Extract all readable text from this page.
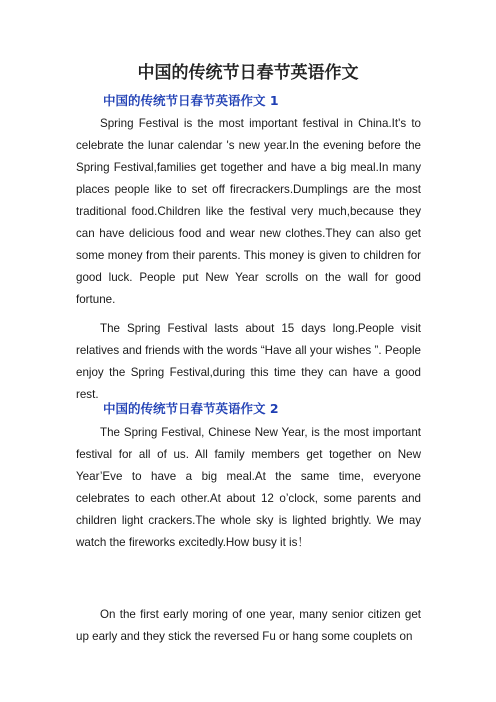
中国的传统节日春节英语作文
中国的传统节日春节英语作文 1

Spring Festival is the most important festival in China.It's to celebrate the lunar calendar 's new year.In the evening before the Spring Festival,families get together and have a big meal.In many places people like to set off firecrackers.Dumplings are the most traditional food.Children like the festival very much,because they can have delicious food and wear new clothes.They can also get some money from their parents. This money is given to children for good luck. People put New Year scrolls on the wall for good fortune.

The Spring Festival lasts about 15 days long.People visit relatives and friends with the words “Have all your wishes ”. People enjoy the Spring Festival,during this time they can have a good rest.

中国的传统节日春节英语作文 2

The Spring Festival, Chinese New Year, is the most important festival for all of us. All family members get together on New Year’Eve to have a big meal.At the same time, everyone celebrates to each other.At about 12 o’clock, some parents and children light crackers.The whole sky is lighted brightly. We may watch the fireworks excitedly.How busy it is！

On the first early moring of one year, many senior citizen get up early and they stick the reversed Fu or hang some couplets on
